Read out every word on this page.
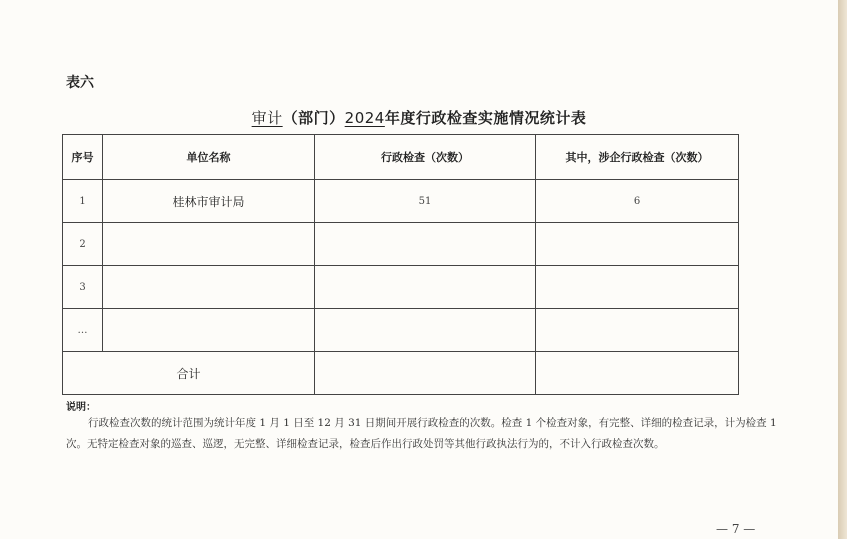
表六
审计（部门）2024年度行政检查实施情况统计表
序号	单位名称	行政检查（次数）	其中，涉企行政检查（次数）
1	桂林市审计局	51	6
2			
3			
…			
合计			
说明：
行政检查次数的统计范围为统计年度 1 月 1 日至 12 月 31 日期间开展行政检查的次数。检查 1 个检查对象，有完整、详细的检查记录，计为检查 1 次。无特定检查对象的巡查、巡逻，无完整、详细检查记录，检查后作出行政处罚等其他行政执法行为的，不计入行政检查次数。
— 7 —
